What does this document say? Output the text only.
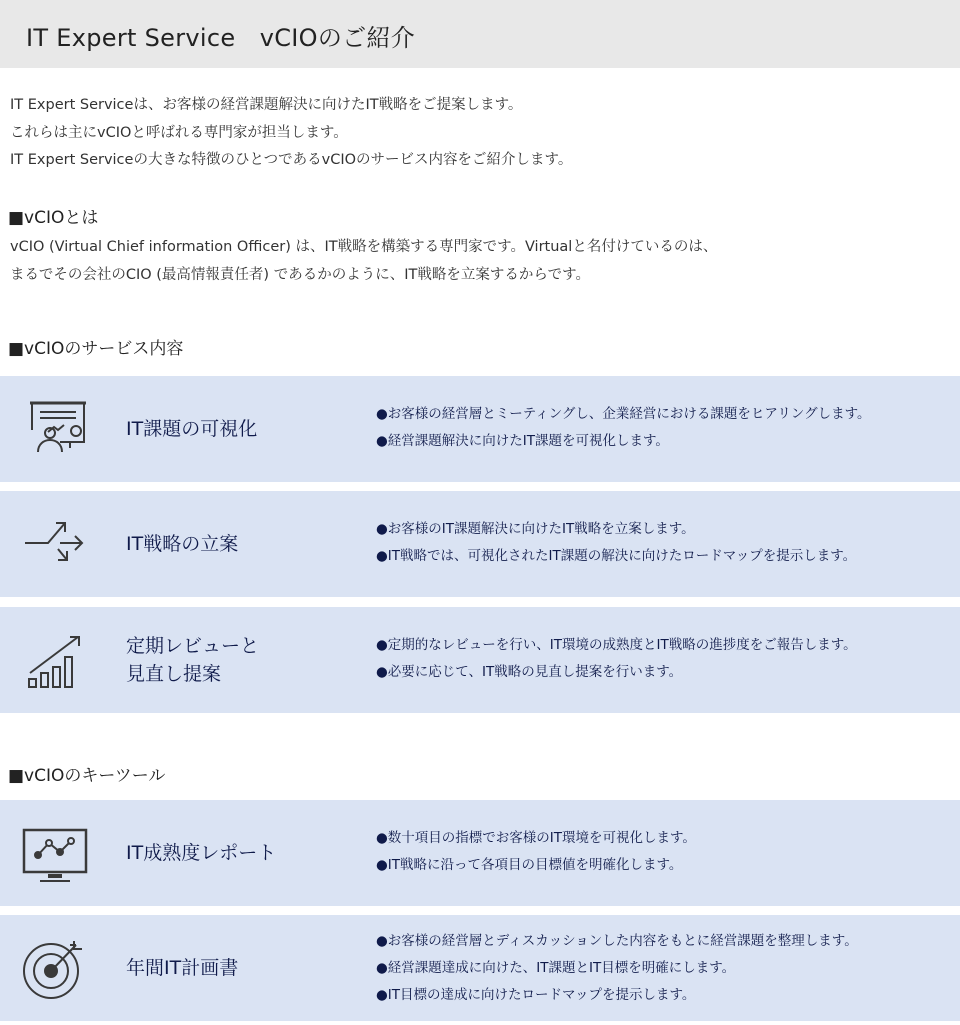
IT Expert Service　vCIOのご紹介
IT Expert Serviceは、お客様の経営課題解決に向けたIT戦略をご提案します。
これらは主にvCIOと呼ばれる専門家が担当します。
IT Expert Serviceの大きな特徴のひとつであるvCIOのサービス内容をご紹介します。
■vCIOとは
vCIO (Virtual Chief information Officer) は、IT戦略を構築する専門家です。Virtualと名付けているのは、
まるでその会社のCIO (最高情報責任者) であるかのように、IT戦略を立案するからです。
■vCIOのサービス内容
IT課題の可視化
●お客様の経営層とミーティングし、企業経営における課題をヒアリングします。
●経営課題解決に向けたIT課題を可視化します。
IT戦略の立案
●お客様のIT課題解決に向けたIT戦略を立案します。
●IT戦略では、可視化されたIT課題の解決に向けたロードマップを提示します。
定期レビューと
見直し提案
●定期的なレビューを行い、IT環境の成熟度とIT戦略の進捗度をご報告します。
●必要に応じて、IT戦略の見直し提案を行います。
■vCIOのキーツール
IT成熟度レポート
●数十項目の指標でお客様のIT環境を可視化します。
●IT戦略に沿って各項目の目標値を明確化します。
年間IT計画書
●お客様の経営層とディスカッションした内容をもとに経営課題を整理します。
●経営課題達成に向けた、IT課題とIT目標を明確にします。
●IT目標の達成に向けたロードマップを提示します。
